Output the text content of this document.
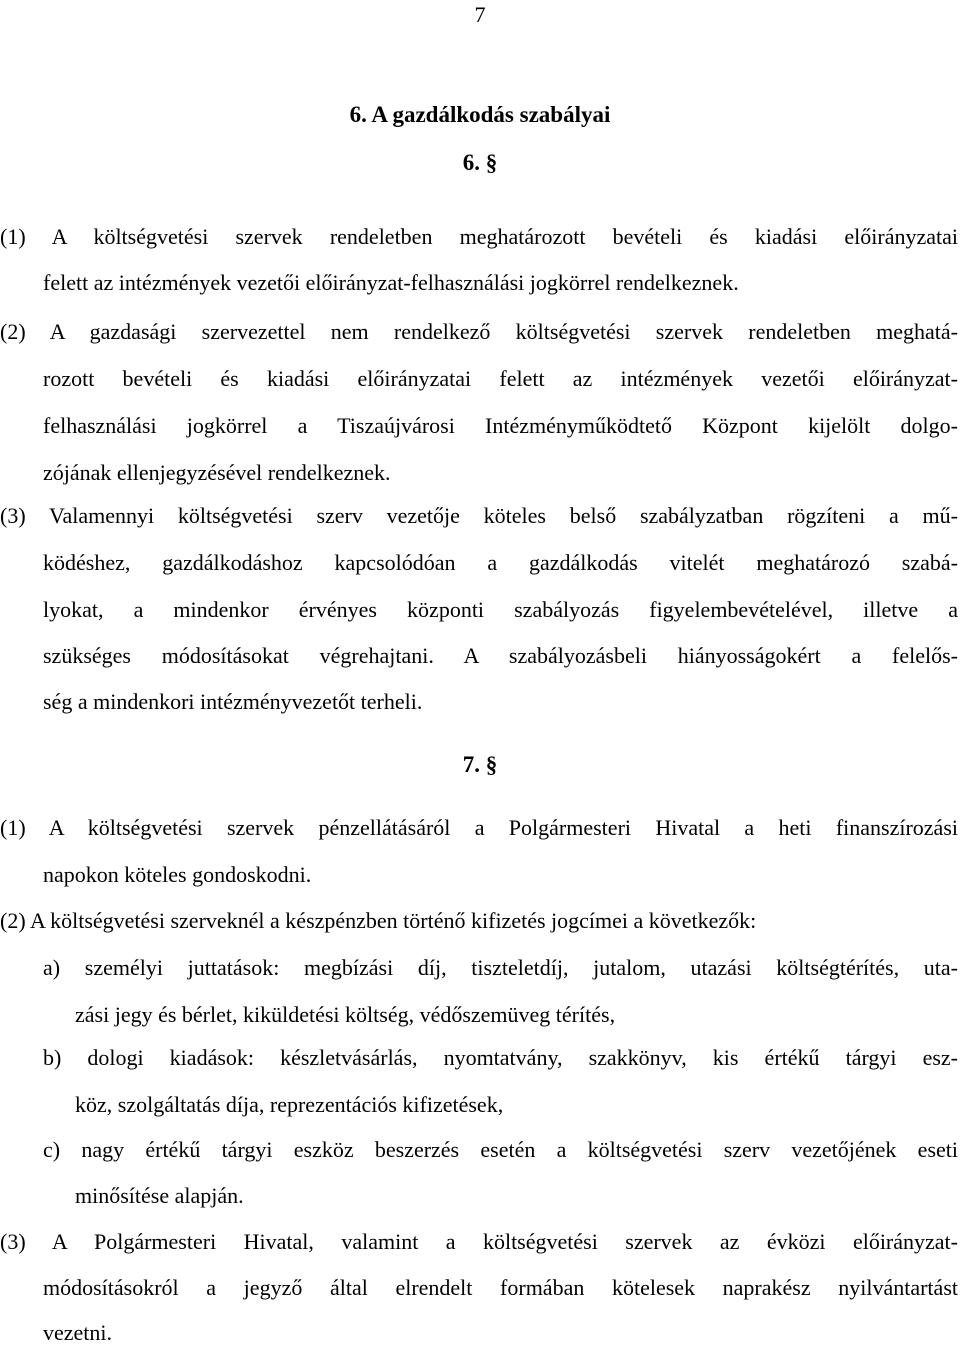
7
6. A gazdálkodás szabályai
6. §
(1) A költségvetési szervek rendeletben meghatározott bevételi és kiadási előirányzatai
felett az intézmények vezetői előirányzat-felhasználási jogkörrel rendelkeznek.
(2) A gazdasági szervezettel nem rendelkező költségvetési szervek rendeletben meghatá-
rozott bevételi és kiadási előirányzatai felett az intézmények vezetői előirányzat-
felhasználási jogkörrel a Tiszaújvárosi Intézményműködtető Központ kijelölt dolgo-
zójának ellenjegyzésével rendelkeznek.
(3) Valamennyi költségvetési szerv vezetője köteles belső szabályzatban rögzíteni a mű-
ködéshez, gazdálkodáshoz kapcsolódóan a gazdálkodás vitelét meghatározó szabá-
lyokat, a mindenkor érvényes központi szabályozás figyelembevételével, illetve a
szükséges módosításokat végrehajtani. A szabályozásbeli hiányosságokért a felelős-
ség a mindenkori intézményvezetőt terheli.
7. §
(1) A költségvetési szervek pénzellátásáról a Polgármesteri Hivatal a heti finanszírozási
napokon köteles gondoskodni.
(2) A költségvetési szerveknél a készpénzben történő kifizetés jogcímei a következők:
a) személyi juttatások: megbízási díj, tiszteletdíj, jutalom, utazási költségtérítés, uta-
zási jegy és bérlet, kiküldetési költség, védőszemüveg térítés,
b) dologi kiadások: készletvásárlás, nyomtatvány, szakkönyv, kis értékű tárgyi esz-
köz, szolgáltatás díja, reprezentációs kifizetések,
c) nagy értékű tárgyi eszköz beszerzés esetén a költségvetési szerv vezetőjének eseti
minősítése alapján.
(3) A Polgármesteri Hivatal, valamint a költségvetési szervek az évközi előirányzat-
módosításokról a jegyző által elrendelt formában kötelesek naprakész nyilvántartást
vezetni.
